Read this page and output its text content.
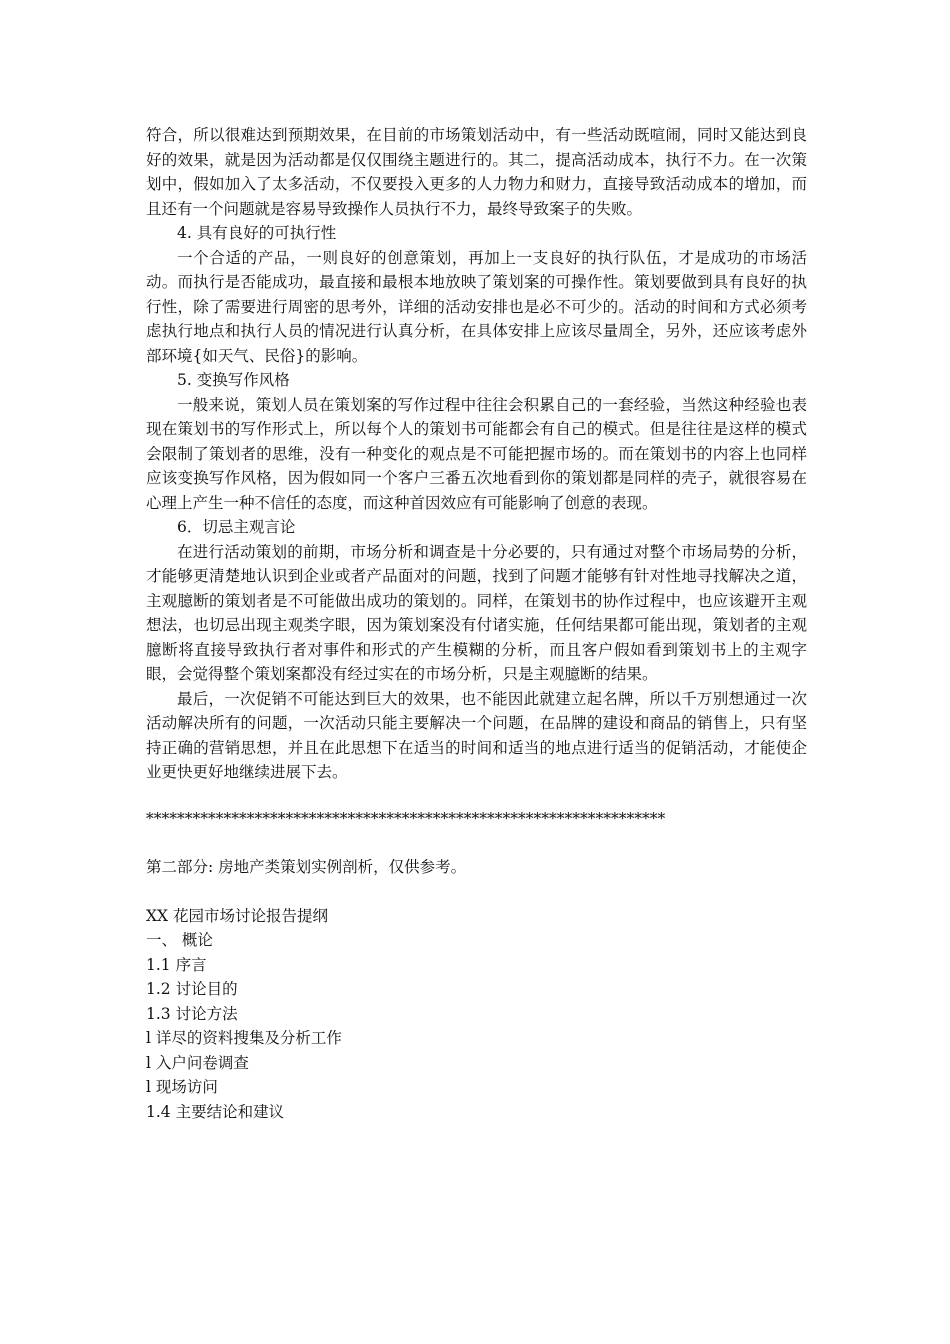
符合，所以很难达到预期效果，在目前的市场策划活动中，有一些活动既喧闹，同时又能达到良好的效果，就是因为活动都是仅仅围绕主题进行的。其二，提高活动成本，执行不力。在一次策划中，假如加入了太多活动，不仅要投入更多的人力物力和财力，直接导致活动成本的增加，而且还有一个问题就是容易导致操作人员执行不力，最终导致案子的失败。

4. 具有良好的可执行性

一个合适的产品，一则良好的创意策划，再加上一支良好的执行队伍，才是成功的市场活动。而执行是否能成功，最直接和最根本地放映了策划案的可操作性。策划要做到具有良好的执行性，除了需要进行周密的思考外，详细的活动安排也是必不可少的。活动的时间和方式必须考虑执行地点和执行人员的情况进行认真分析，在具体安排上应该尽量周全，另外，还应该考虑外部环境{如天气、民俗}的影响。

5. 变换写作风格

一般来说，策划人员在策划案的写作过程中往往会积累自己的一套经验，当然这种经验也表现在策划书的写作形式上，所以每个人的策划书可能都会有自己的模式。但是往往是这样的模式会限制了策划者的思维，没有一种变化的观点是不可能把握市场的。而在策划书的内容上也同样应该变换写作风格，因为假如同一个客户三番五次地看到你的策划都是同样的壳子，就很容易在心理上产生一种不信任的态度，而这种首因效应有可能影响了创意的表现。

6．切忌主观言论

在进行活动策划的前期，市场分析和调查是十分必要的，只有通过对整个市场局势的分析，才能够更清楚地认识到企业或者产品面对的问题，找到了问题才能够有针对性地寻找解决之道，主观臆断的策划者是不可能做出成功的策划的。同样，在策划书的协作过程中，也应该避开主观想法，也切忌出现主观类字眼，因为策划案没有付诸实施，任何结果都可能出现，策划者的主观臆断将直接导致执行者对事件和形式的产生模糊的分析，而且客户假如看到策划书上的主观字眼，会觉得整个策划案都没有经过实在的市场分析，只是主观臆断的结果。

最后，一次促销不可能达到巨大的效果，也不能因此就建立起名牌，所以千万别想通过一次活动解决所有的问题，一次活动只能主要解决一个问题，在品牌的建设和商品的销售上，只有坚持正确的营销思想，并且在此思想下在适当的时间和适当的地点进行适当的促销活动，才能使企业更快更好地继续进展下去。

*******************************************************************

第二部分: 房地产类策划实例剖析，仅供参考。

XX 花园市场讨论报告提纲

一、 概论

1.1 序言

1.2 讨论目的

1.3 讨论方法

l 详尽的资料搜集及分析工作

l 入户问卷调查

l 现场访问

1.4 主要结论和建议
